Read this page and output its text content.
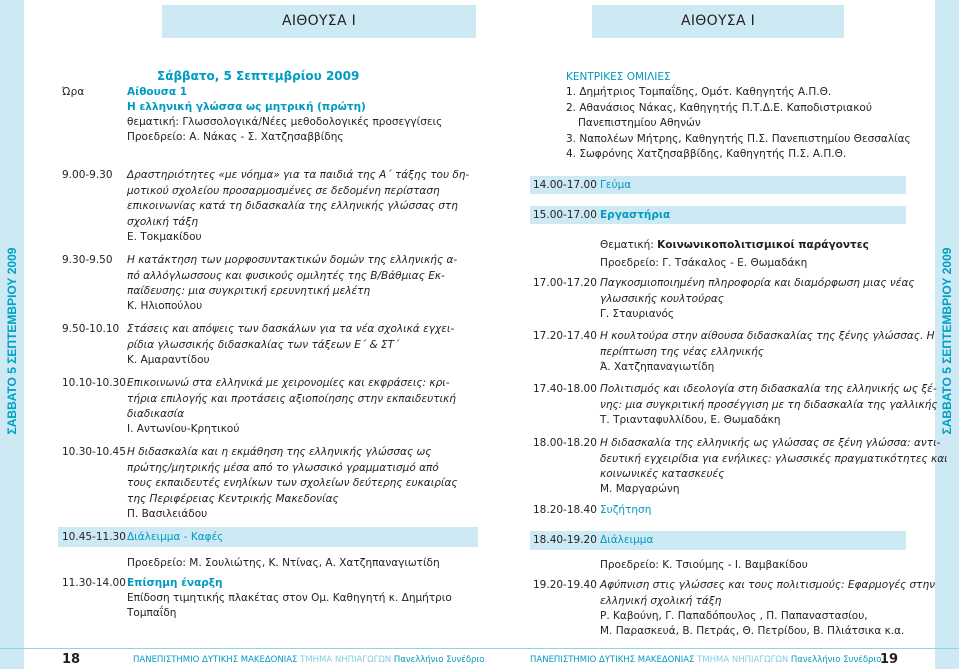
ΑΙΘΟΥΣΑ Ι	ΑΙΘΟΥΣΑ Ι
ΣΑΒΒΑΤΟ 5 ΣΕΠΤΕΜΒΡΙΟΥ 2009	ΣΑΒΒΑΤΟ 5 ΣΕΠΤΕΜΒΡΙΟΥ 2009
Σάββατο, 5 Σεπτεμβρίου 2009
Ώρα	Αίθουσα 1
Η ελληνική γλώσσα ως μητρική (πρώτη)
θεματική: Γλωσσολογικά/Νέες μεθοδολογικές προσεγγίσεις
Προεδρείο: Α. Νάκας - Σ. Χατζησαββίδης
9.00-9.30 Δραστηριότητες «με νόημα» για τα παιδιά της Α΄ τάξης του δη-
μοτικού σχολείου προσαρμοσμένες σε δεδομένη περίσταση
επικοινωνίας κατά τη διδασκαλία της ελληνικής γλώσσας στη
σχολική τάξη
Ε. Τοκμακίδου
9.30-9.50 Η κατάκτηση των μορφοσυντακτικών δομών της ελληνικής α-
πό αλλόγλωσσους και φυσικούς ομιλητές της Β/Βάθμιας Εκ-
παίδευσης: μια συγκριτική ερευνητική μελέτη
Κ. Ηλιοπούλου
9.50-10.10 Στάσεις και απόψεις των δασκάλων για τα νέα σχολικά εγχει-
ρίδια γλωσσικής διδασκαλίας των τάξεων Ε΄ & ΣΤ΄
Κ. Αμαραντίδου
10.10-10.30 Επικοινωνώ στα ελληνικά με χειρονομίες και εκφράσεις: κρι-
τήρια επιλογής και προτάσεις αξιοποίησης στην εκπαιδευτική
διαδικασία
Ι. Αντωνίου-Κρητικού
10.30-10.45 Η διδασκαλία και η εκμάθηση της ελληνικής γλώσσας ως
πρώτης/μητρικής μέσα από το γλωσσικό γραμματισμό από
τους εκπαιδευτές ενηλίκων των σχολείων δεύτερης ευκαιρίας
της Περιφέρειας Κεντρικής Μακεδονίας
Π. Βασιλειάδου
10.45-11.30 Διάλειμμα - Καφές
Προεδρείο: Μ. Σουλιώτης, Κ. Ντίνας, Α. Χατζηπαναγιωτίδη
11.30-14.00 Επίσημη έναρξη
Επίδοση τιμητικής πλακέτας στον Ομ. Καθηγητή κ. Δημήτριο
Τομπαΐδη
ΚΕΝΤΡΙΚΕΣ ΟΜΙΛΙΕΣ
1. Δημήτριος Τομπαΐδης, Ομότ. Καθηγητής Α.Π.Θ.
2. Αθανάσιος Νάκας, Καθηγητής Π.Τ.Δ.Ε. Καποδιστριακού
Πανεπιστημίου Αθηνών
3. Ναπολέων Μήτρης, Καθηγητής Π.Σ. Πανεπιστημίου Θεσσαλίας
4. Σωφρόνης Χατζησαββίδης, Καθηγητής Π.Σ. Α.Π.Θ.
14.00-17.00 Γεύμα
15.00-17.00 Εργαστήρια
Θεματική: Κοινωνικοπολιτισμικοί παράγοντες
Προεδρείο: Γ. Τσάκαλος - Ε. Θωμαδάκη
17.00-17.20 Παγκοσμιοποιημένη πληροφορία και διαμόρφωση μιας νέας
γλωσσικής κουλτούρας
Γ. Σταυριανός
17.20-17.40 Η κουλτούρα στην αίθουσα διδασκαλίας της ξένης γλώσσας. Η
περίπτωση της νέας ελληνικής
Ά. Χατζηπαναγιωτίδη
17.40-18.00 Πολιτισμός και ιδεολογία στη διδασκαλία της ελληνικής ως ξέ-
νης: μια συγκριτική προσέγγιση με τη διδασκαλία της γαλλικής
Τ. Τριανταφυλλίδου, Ε. Θωμαδάκη
18.00-18.20 Η διδασκαλία της ελληνικής ως γλώσσας σε ξένη γλώσσα: αντι-
δευτική εγχειρίδια για ενήλικες: γλωσσικές πραγματικότητες και
κοινωνικές κατασκευές
Μ. Μαργαρώνη
18.20-18.40 Συζήτηση
18.40-19.20 Διάλειμμα
Προεδρείο: Κ. Τσιούμης - Ι. Βαμβακίδου
19.20-19.40 Αφύπνιση στις γλώσσες και τους πολιτισμούς: Εφαρμογές στην
ελληνική σχολική τάξη
Ρ. Καβούνη, Γ. Παπαδόπουλος , Π. Παπαναστασίου,
Μ. Παρασκευά, Β. Πετράς, Θ. Πετρίδου, Β. Πλιάτσικα κ.α.
18	ΠΑΝΕΠΙΣΤΗΜΙΟ ΔΥΤΙΚΗΣ ΜΑΚΕΔΟΝΙΑΣ ΤΜΗΜΑ ΝΗΠΙΑΓΩΓΩΝ Πανελλήνιο Συνέδριο	ΠΑΝΕΠΙΣΤΗΜΙΟ ΔΥΤΙΚΗΣ ΜΑΚΕΔΟΝΙΑΣ ΤΜΗΜΑ ΝΗΠΙΑΓΩΓΩΝ Πανελλήνιο Συνέδριο
19
